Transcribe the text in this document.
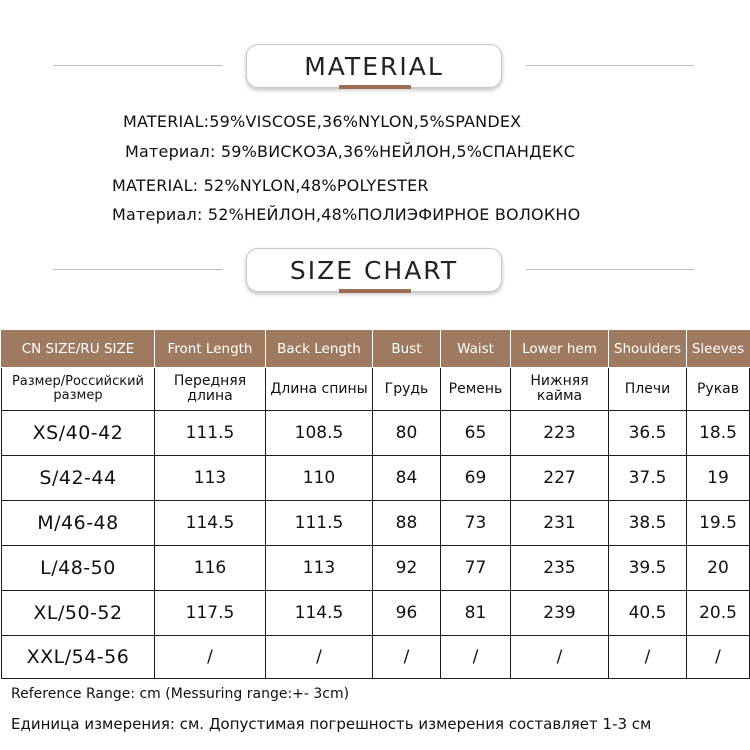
MATERIAL
MATERIAL:59%VISCOSE,36%NYLON,5%SPANDEX
Материал: 59%ВИСКОЗА,36%НЕЙЛОН,5%СПАНДЕКС
MATERIAL: 52%NYLON,48%POLYESTER
Материал: 52%НЕЙЛОН,48%ПОЛИЭФИРНОЕ ВОЛОКНО
SIZE CHART
CN SIZE/RU SIZE	Front Length	Back Length	Bust	Waist	Lower hem	Shoulders	Sleeves
Размер/Российский размер	Передняя длина	Длина спины	Грудь	Ремень	Нижняя кайма	Плечи	Рукав
XS/40-42	111.5	108.5	80	65	223	36.5	18.5
S/42-44	113	110	84	69	227	37.5	19
M/46-48	114.5	111.5	88	73	231	38.5	19.5
L/48-50	116	113	92	77	235	39.5	20
XL/50-52	117.5	114.5	96	81	239	40.5	20.5
XXL/54-56	/	/	/	/	/	/	/
Reference Range: cm (Messuring range:+- 3cm)
Единица измерения: см. Допустимая погрешность измерения составляет 1-3 см
